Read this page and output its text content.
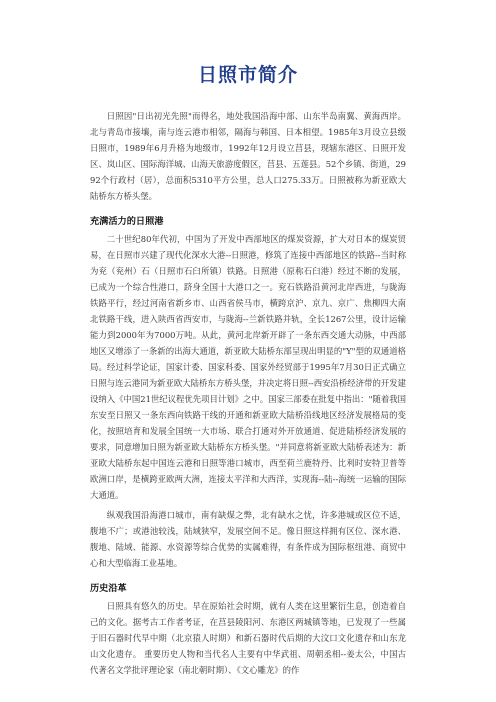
日照市简介

日照因"日出初光先照"而得名，地处我国沿海中部、山东半岛南翼、黄海西岸。北与青岛市接壤，南与连云港市相邻，隔海与韩国、日本相望。1985年3月设立县级日照市，1989年6月升格为地级市，1992年12月设立莒县，现辖东港区、日照开发区、岚山区、国际海洋城、山海天旅游度假区，莒县、五莲县。52个乡镇、街道，2992个行政村（居），总面积5310平方公里，总人口275.33万。日照被称为新亚欧大陆桥东方桥头堡。

充满活力的日照港

二十世纪80年代初，中国为了开发中西部地区的煤炭资源，扩大对日本的煤炭贸易，在日照市兴建了现代化深水大港--日照港，修筑了连接中西部地区的铁路--当时称为兖（兖州）石（日照市石臼所镇）铁路。日照港（原称石臼港）经过不断的发展，已成为一个综合性港口，跻身全国十大港口之一。兖石铁路沿黄河北岸西进，与陇海铁路平行，经过河南省新乡市、山西省侯马市，横跨京沪、京九、京广、焦柳四大南北铁路干线，进入陕西省西安市，与陇海--兰新铁路并轨，全长1267公里，设计运输能力到2000年为7000万吨。从此，黄河北岸新开辟了一条东西交通大动脉，中西部地区又增添了一条新的出海大通道，新亚欧大陆桥东部呈现出明显的"Y"型的双通道格局。经过科学论证，国家计委、国家科委、国家外经贸部于1995年7月30日正式确立日照与连云港同为新亚欧大陆桥东方桥头堡，并决定将日照--西安沿桥经济带的开发建设纳入《中国21世纪议程优先项目计划》之中。国家三部委在批复中指出："随着我国东安至日照又一条东西向铁路干线的开通和新亚欧大陆桥沿线地区经济发展格局的变化，按照培育和发展全国统一大市场、联合打通对外开放通道、促进陆桥经济发展的要求，同意增加日照为新亚欧大陆桥东方桥头堡。"并同意将新亚欧大陆桥表述为：新亚欧大陆桥东起中国连云港和日照等港口城市，西至荷兰鹿特丹、比利时安特卫普等欧洲口岸，是横跨亚欧两大洲，连接太平洋和大西洋，实现海--陆--海统一运输的国际大通道。

纵观我国沿海港口城市，南有缺煤之弊，北有缺水之忧，许多港城或区位不适，腹地不广；或港池较浅，陆域狭窄，发展空间不足。像日照这样拥有区位、深水港、腹地、陆域、能源、水资源等综合优势的实属难得，有条件成为国际枢纽港、商贸中心和大型临海工业基地。

历史沿革

日照具有悠久的历史。早在原始社会时期，就有人类在这里繁衍生息，创造着自己的文化。据考古工作者考证，在莒县陵阳河、东港区两城镇等地，已发现了一些属于旧石器时代早中期（北京猿人时期）和新石器时代后期的大汶口文化遗存和山东龙山文化遗存。 重要历史人物和当代名人主要有中华武祖、周朝丞相--姜太公，中国古代著名文学批评理论家（南北朝时期）、《文心雕龙》的作
